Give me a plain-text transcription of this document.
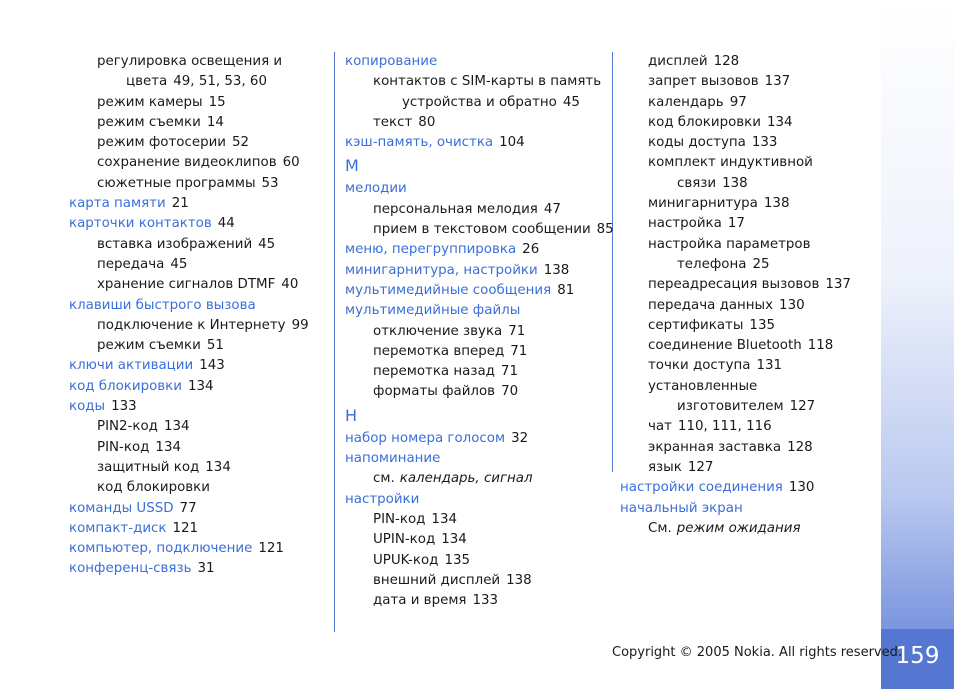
159
регулировка освещения и
цвета 49, 51, 53, 60
режим камеры 15
режим съемки 14
режим фотосерии 52
сохранение видеоклипов 60
сюжетные программы 53
карта памяти 21
карточки контактов 44
вставка изображений 45
передача 45
хранение сигналов DTMF 40
клавиши быстрого вызова
подключение к Интернету 99
режим съемки 51
ключи активации 143
код блокировки 134
коды 133
PIN2-код 134
PIN-код 134
защитный код 134
код блокировки
команды USSD 77
компакт-диск 121
компьютер, подключение 121
конференц-связь 31
копирование
контактов с SIM-карты в память
устройства и обратно 45
текст 80
кэш-память, очистка 104
М
мелодии
персональная мелодия 47
прием в текстовом сообщении 85
меню, перегруппировка 26
минигарнитура, настройки 138
мультимедийные сообщения 81
мультимедийные файлы
отключение звука 71
перемотка вперед 71
перемотка назад 71
форматы файлов 70
Н
набор номера голосом 32
напоминание
см. календарь, сигнал
настройки
PIN-код 134
UPIN-код 134
UPUK-код 135
внешний дисплей 138
дата и время 133
дисплей 128
запрет вызовов 137
календарь 97
код блокировки 134
коды доступа 133
комплект индуктивной
связи 138
минигарнитура 138
настройка 17
настройка параметров
телефона 25
переадресация вызовов 137
передача данных 130
сертификаты 135
соединение Bluetooth 118
точки доступа 131
установленные
изготовителем 127
чат 110, 111, 116
экранная заставка 128
язык 127
настройки соединения 130
начальный экран
См. режим ожидания
Copyright © 2005 Nokia. All rights reserved.
